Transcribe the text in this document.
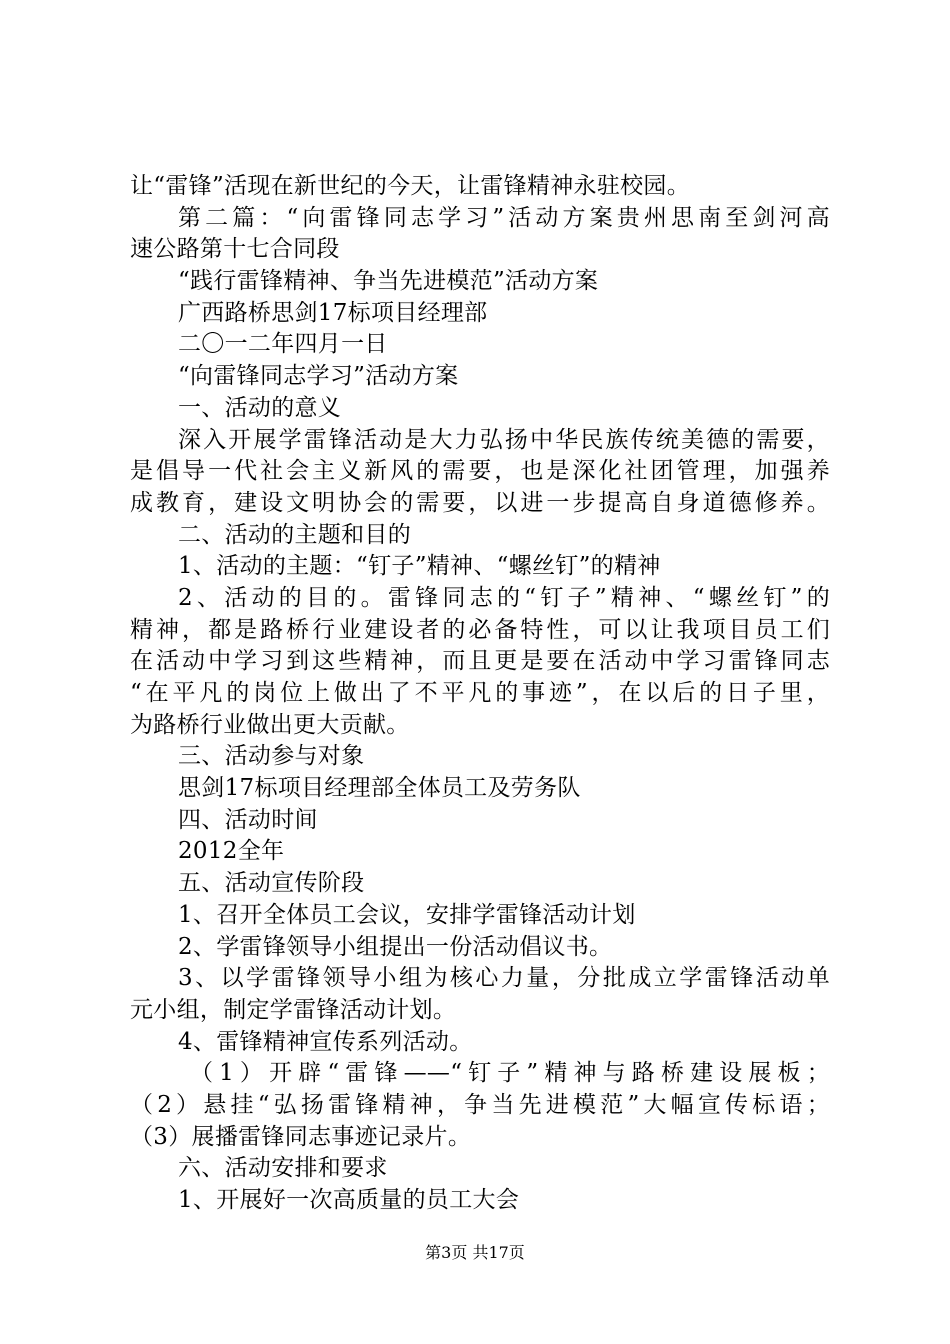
让“雷锋”活现在新世纪的今天，让雷锋精神永驻校园。
第二篇：“向雷锋同志学习”活动方案贵州思南至剑河高
速公路第十七合同段
“践行雷锋精神、争当先进模范”活动方案
广西路桥思剑17标项目经理部
二〇一二年四月一日
“向雷锋同志学习”活动方案
一、活动的意义
深入开展学雷锋活动是大力弘扬中华民族传统美德的需要，
是倡导一代社会主义新风的需要，也是深化社团管理，加强养
成教育，建设文明协会的需要，以进一步提高自身道德修养。
二、活动的主题和目的
1、活动的主题：“钉子”精神、“螺丝钉”的精神
2、活动的目的。雷锋同志的“钉子”精神、“螺丝钉”的
精神，都是路桥行业建设者的必备特性，可以让我项目员工们
在活动中学习到这些精神，而且更是要在活动中学习雷锋同志
“在平凡的岗位上做出了不平凡的事迹”，在以后的日子里，
为路桥行业做出更大贡献。
三、活动参与对象
思剑17标项目经理部全体员工及劳务队
四、活动时间
2012全年
五、活动宣传阶段
1、召开全体员工会议，安排学雷锋活动计划
2、学雷锋领导小组提出一份活动倡议书。
3、以学雷锋领导小组为核心力量，分批成立学雷锋活动单
元小组，制定学雷锋活动计划。
4、雷锋精神宣传系列活动。
（1）开辟“雷锋——“钉子”精神与路桥建设展板；
（2）悬挂“弘扬雷锋精神，争当先进模范”大幅宣传标语；
（3）展播雷锋同志事迹记录片。
六、活动安排和要求
1、开展好一次高质量的员工大会
第3页 共17页
